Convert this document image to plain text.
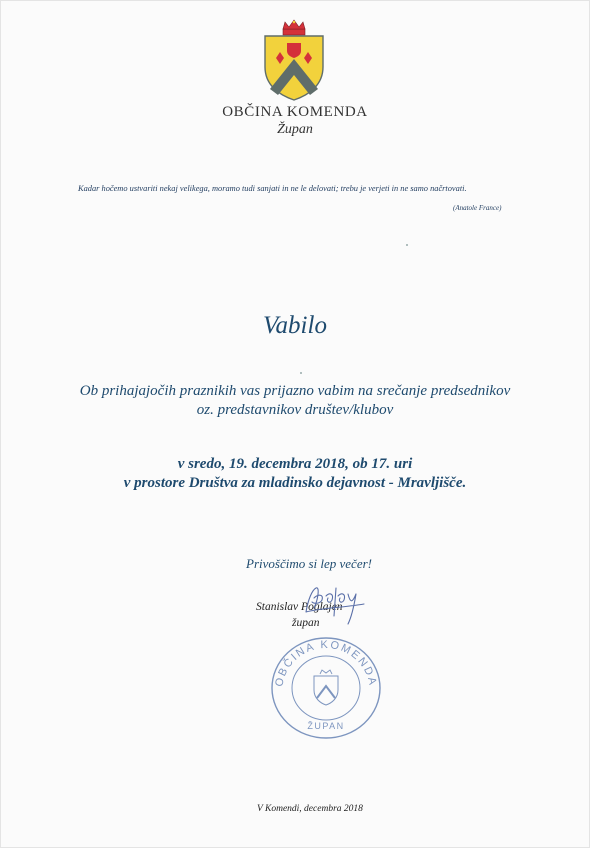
OBČINA KOMENDA
Župan
Kadar hočemo ustvariti nekaj velikega, moramo tudi sanjati in ne le delovati; trebu je verjeti in ne samo načrtovati.
(Anatole France)
Vabilo
Ob prihajajočih praznikih vas prijazno vabim na srečanje predsednikov
oz. predstavnikov društev/klubov
v sredo, 19. decembra 2018, ob 17. uri
v prostore Društva za mladinsko dejavnost - Mravljišče.
Privoščimo si lep večer!
Stanislav Poglajen
župan
OBČINA KOMENDA
ŽUPAN
V Komendi, decembra 2018
